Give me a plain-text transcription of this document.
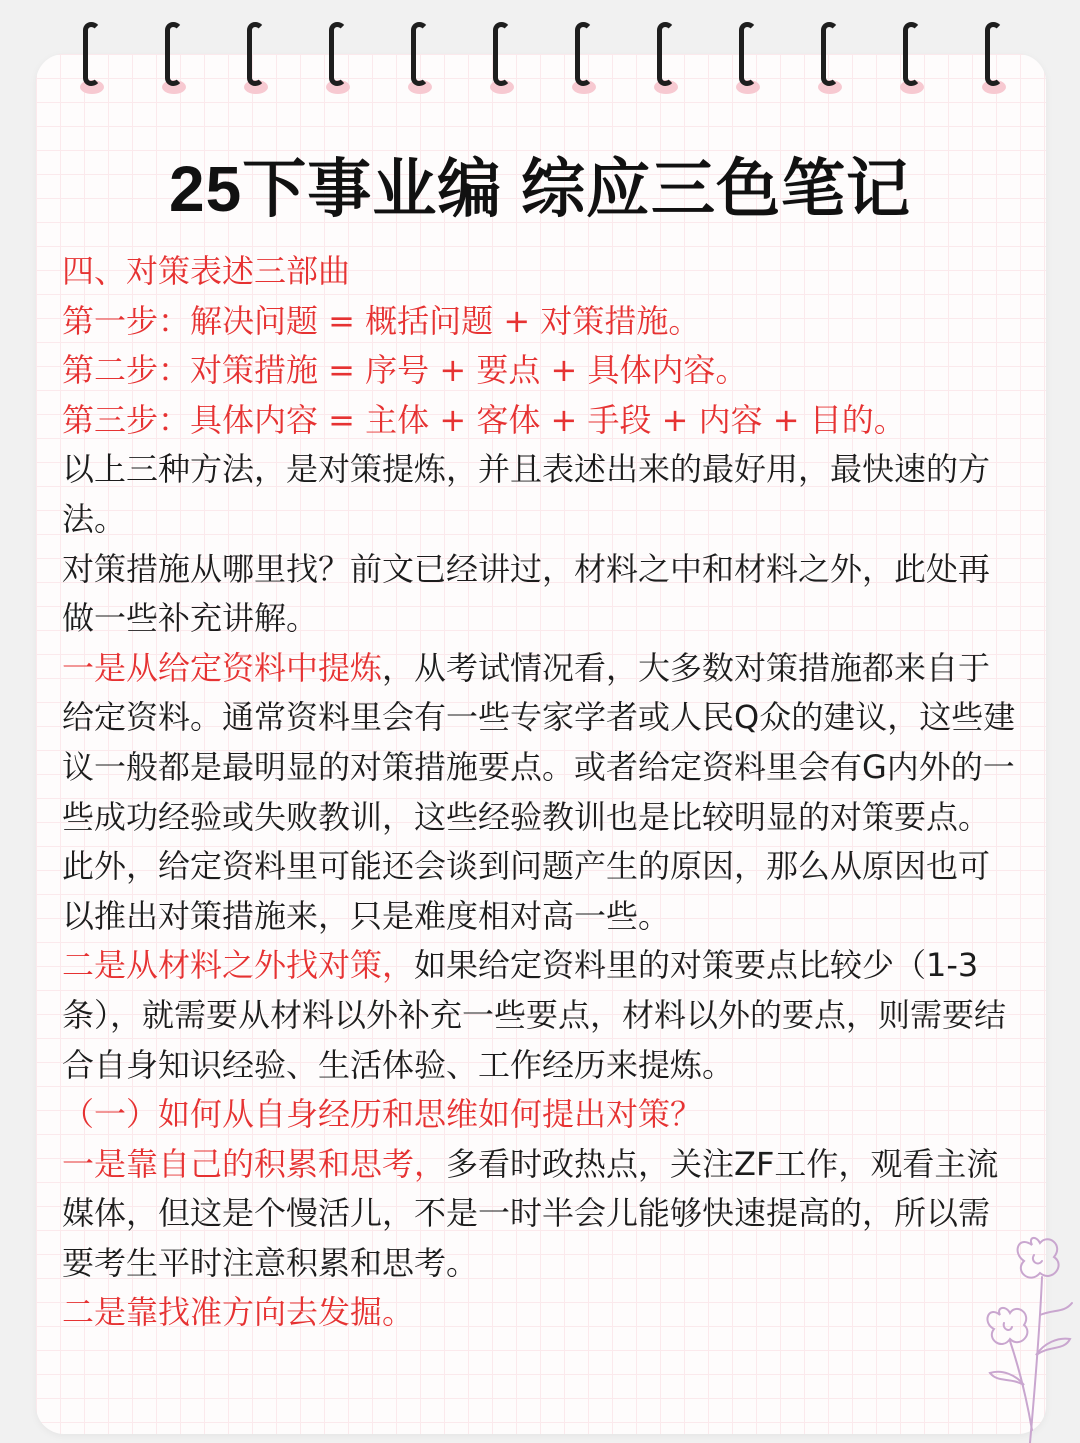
25下事业编 综应三色笔记

四、对策表述三部曲

第一步：解决问题 = 概括问题 + 对策措施。

第二步：对策措施 = 序号 + 要点 + 具体内容。

第三步：具体内容 = 主体 + 客体 + 手段 + 内容 + 目的。

以上三种方法，是对策提炼，并且表述出来的最好用，最快速的方法。

对策措施从哪里找？前文已经讲过，材料之中和材料之外，此处再做一些补充讲解。

一是从给定资料中提炼，从考试情况看，大多数对策措施都来自于给定资料。通常资料里会有一些专家学者或人民Q众的建议，这些建议一般都是最明显的对策措施要点。或者给定资料里会有G内外的一些成功经验或失败教训，这些经验教训也是比较明显的对策要点。此外，给定资料里可能还会谈到问题产生的原因，那么从原因也可以推出对策措施来，只是难度相对高一些。

二是从材料之外找对策，如果给定资料里的对策要点比较少（1-3 条），就需要从材料以外补充一些要点，材料以外的要点，则需要结合自身知识经验、生活体验、工作经历来提炼。

（一）如何从自身经历和思维如何提出对策？

一是靠自己的积累和思考，多看时政热点，关注ZF工作，观看主流媒体，但这是个慢活儿，不是一时半会儿能够快速提高的，所以需要考生平时注意积累和思考。

二是靠找准方向去发掘。
